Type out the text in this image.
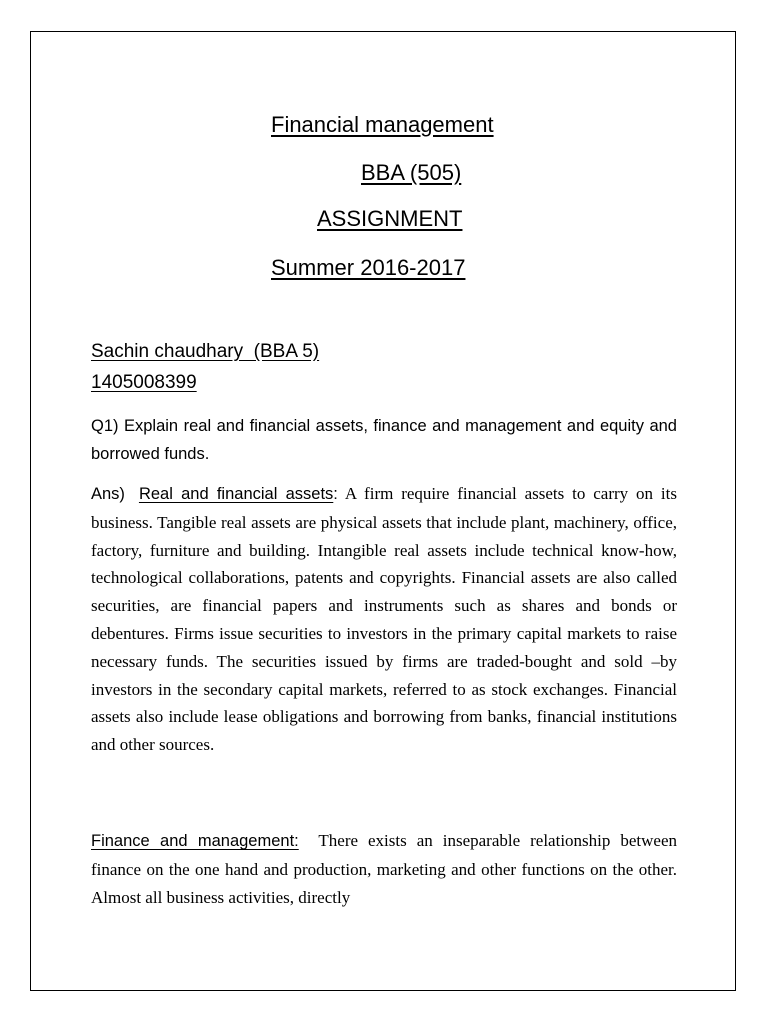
Financial management
BBA (505)
ASSIGNMENT
Summer 2016-2017
Sachin chaudhary  (BBA 5)
1405008399
Q1) Explain real and financial assets, finance and management and equity and borrowed funds.
Ans) Real and financial assets: A firm require financial assets to carry on its business. Tangible real assets are physical assets that include plant, machinery, office, factory, furniture and building. Intangible real assets include technical know-how, technological collaborations, patents and copyrights. Financial assets are also called securities, are financial papers and instruments such as shares and bonds or debentures. Firms issue securities to investors in the primary capital markets to raise necessary funds. The securities issued by firms are traded-bought and sold –by investors in the secondary capital markets, referred to as stock exchanges. Financial assets also include lease obligations and borrowing from banks, financial institutions and other sources.
Finance and management:  There exists an inseparable relationship between finance on the one hand and production, marketing and other functions on the other. Almost all business activities, directly
